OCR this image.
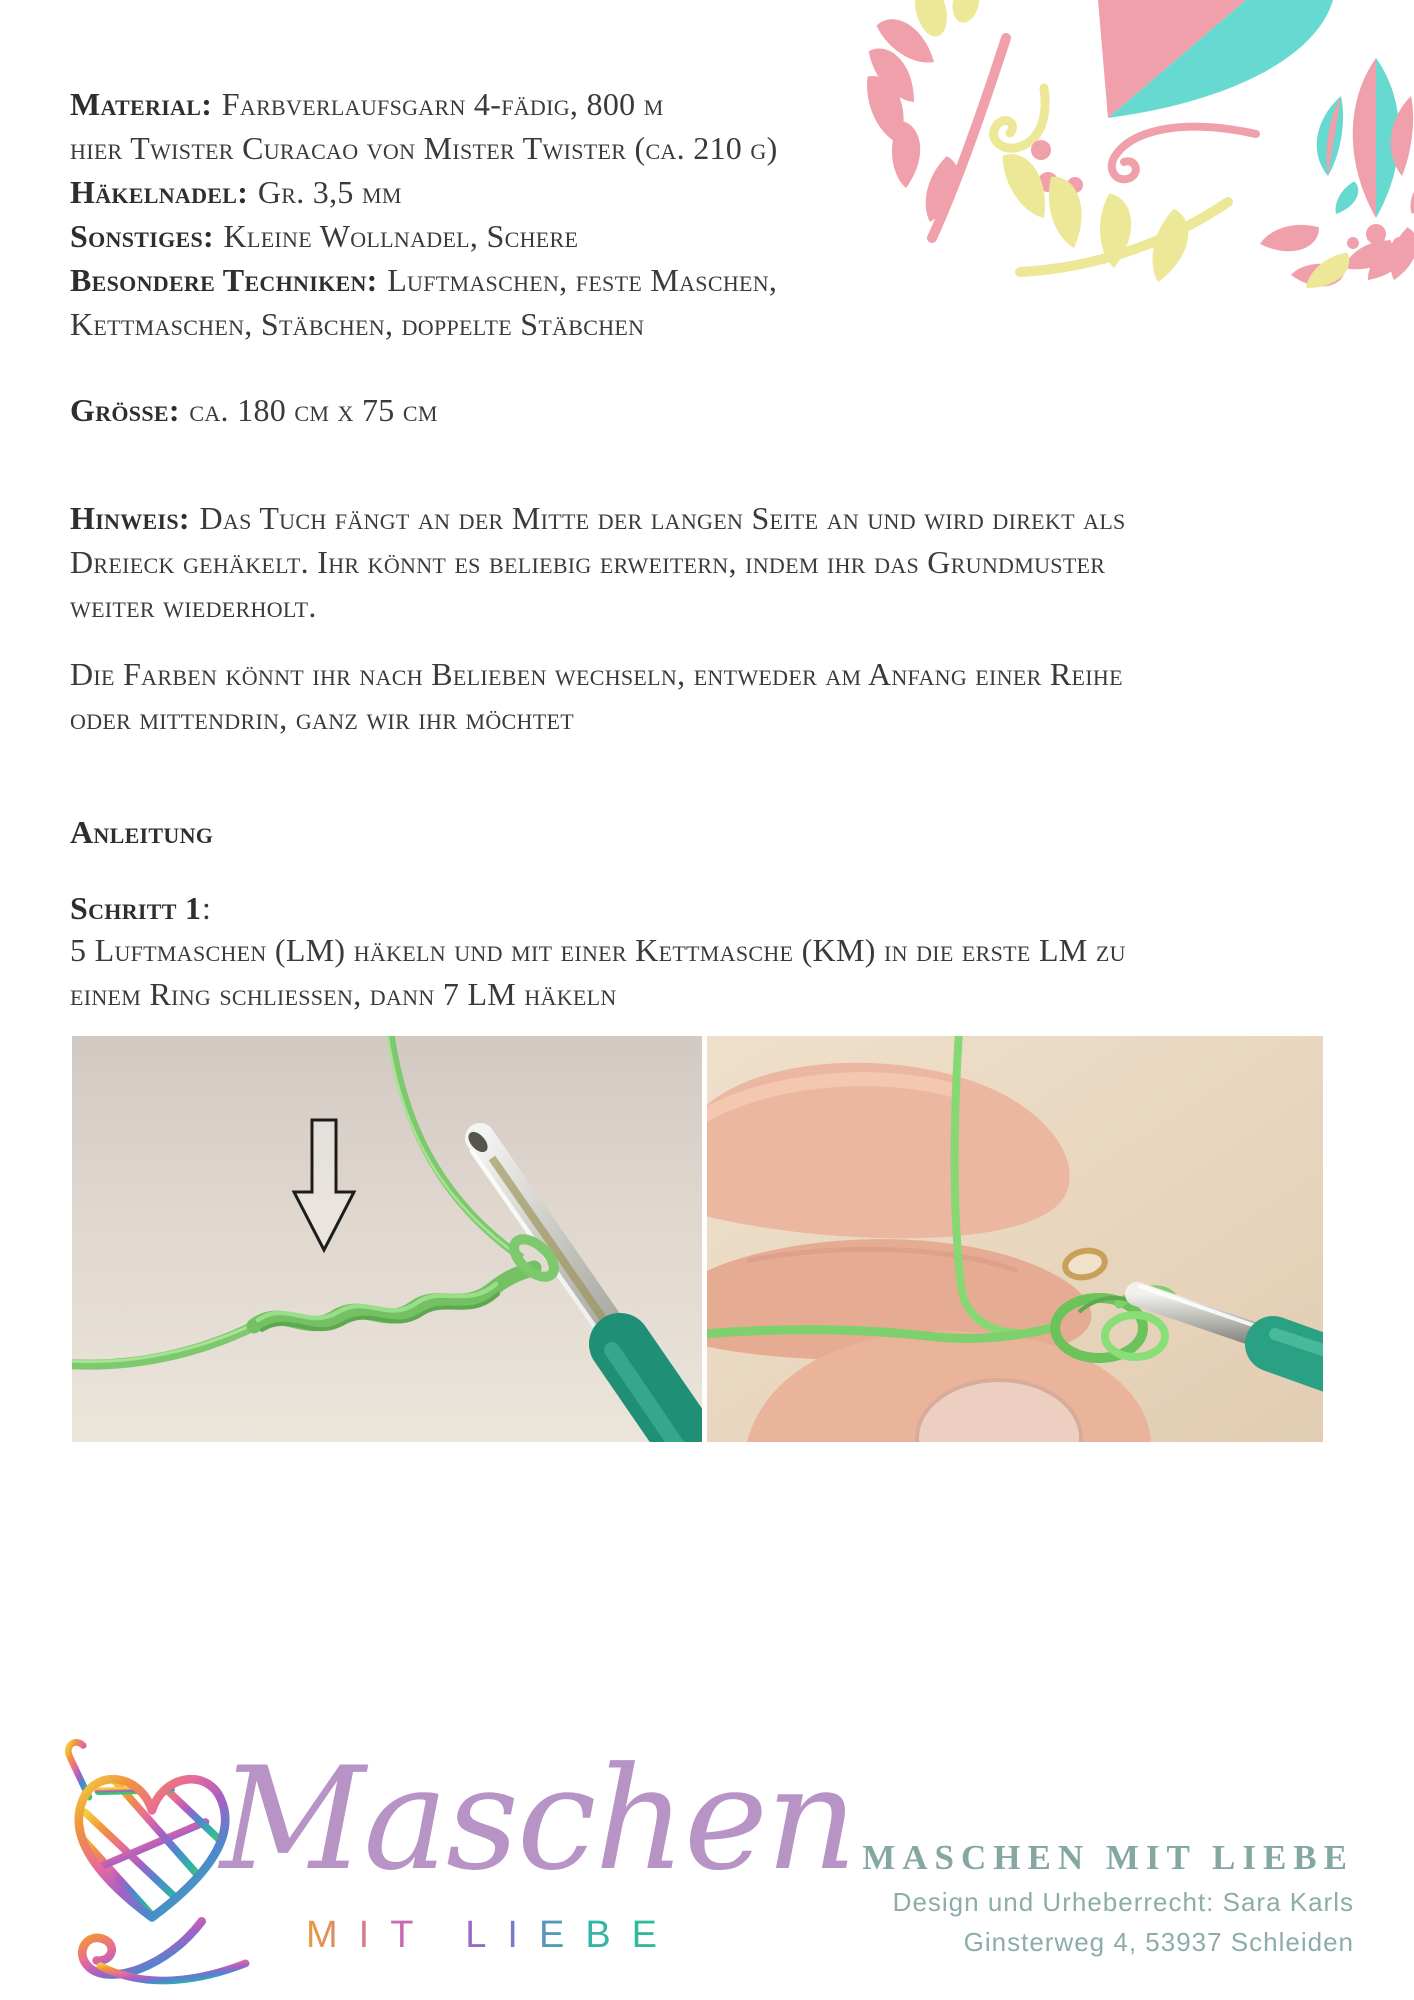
Material: Farbverlaufsgarn 4-fädig, 800 m
hier Twister Curacao von Mister Twister (ca. 210 g)
Häkelnadel: Gr. 3,5 mm
Sonstiges: Kleine Wollnadel, Schere
Besondere Techniken: Luftmaschen, feste Maschen,
Kettmaschen, Stäbchen, doppelte Stäbchen
Grösse: ca. 180 cm x 75 cm
Hinweis: Das Tuch fängt an der Mitte der langen Seite an und wird direkt als
Dreieck gehäkelt. Ihr könnt es beliebig erweitern, indem ihr das Grundmuster
weiter wiederholt.
Die Farben könnt ihr nach Belieben wechseln, entweder am Anfang einer Reihe
oder mittendrin, ganz wir ihr möchtet
Anleitung
Schritt 1:
5 Luftmaschen (LM) häkeln und mit einer Kettmasche (KM) in die erste LM zu
einem Ring schliessen, dann 7 LM häkeln
Maschen
MIT LIEBE
MASCHEN MIT LIEBE
Design und Urheberrecht: Sara Karls
Ginsterweg 4, 53937 Schleiden
